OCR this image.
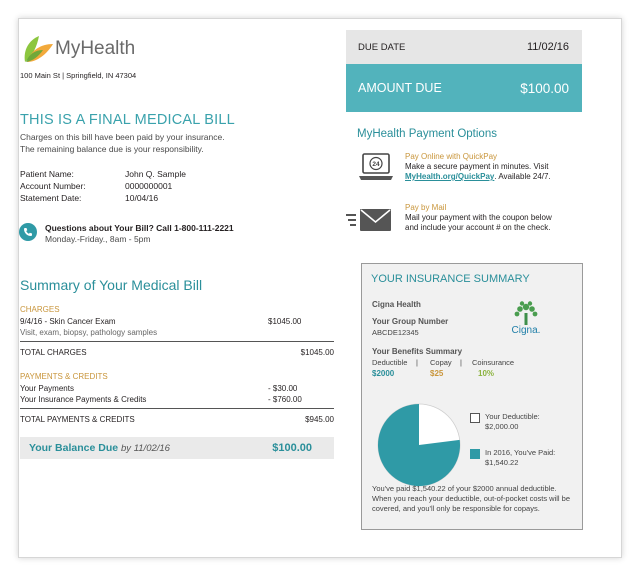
MyHealth
100 Main St | Springfield, IN 47304
THIS IS A FINAL MEDICAL BILL
Charges on this bill have been paid by your insurance.
The remaining balance due is your responsibility.
Patient Name:	John Q. Sample
Account Number:	0000000001
Statement Date:	10/04/16
Questions about Your Bill? Call 1-800-111-2221
Monday.-Friday., 8am - 5pm
Summary of Your Medical Bill
CHARGES
9/4/16 - Skin Cancer Exam	$1045.00
Visit, exam, biopsy, pathology samples
TOTAL CHARGES	$1045.00
PAYMENTS & CREDITS
Your Payments	- $30.00
Your Insurance Payments & Credits	- $760.00
TOTAL PAYMENTS & CREDITS	$945.00
Your Balance Due by 11/02/16	$100.00
DUE DATE	11/02/16
AMOUNT DUE	$100.00
MyHealth Payment Options
24
Pay Online with QuickPay
Make a secure payment in minutes. Visit
MyHealth.org/QuickPay. Available 24/7.
Pay by Mail
Mail your payment with the coupon below
and include your account # on the check.
YOUR INSURANCE SUMMARY
Cigna Health
Your Group Number
ABCDE12345	Cigna.
Your Benefits Summary
Deductible	|	Copay	|	Coinsurance
$2000	$25	10%
Your Deductible:
$2,000.00
In 2016, You've Paid:
$1,540.22
You've paid $1,540.22 of your $2000 annual deductible. When you reach your deductible, out-of-pocket costs will be covered, and you'll only be responsible for copays.
